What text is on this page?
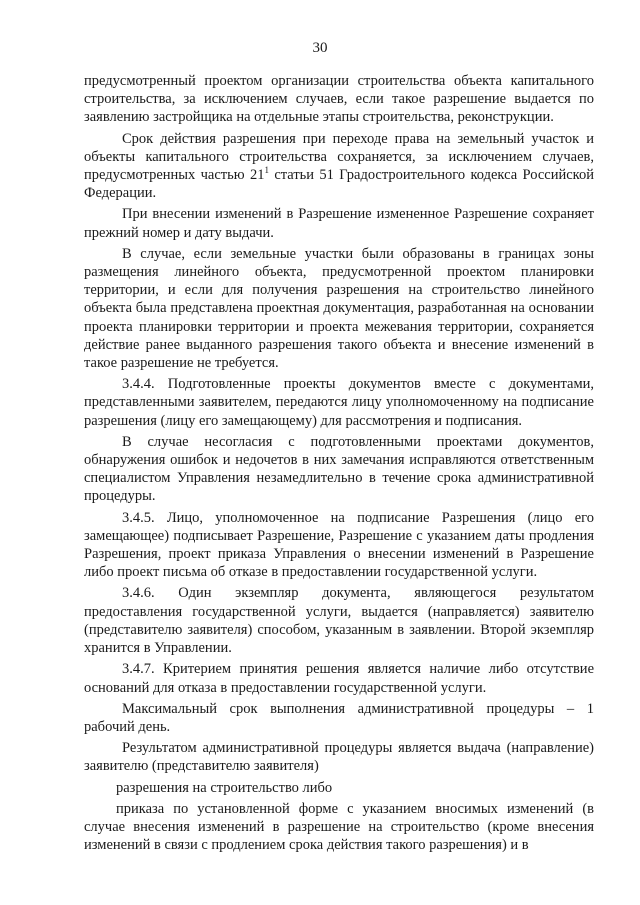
30

предусмотренный проектом организации строительства объекта капитального строительства, за исключением случаев, если такое разрешение выдается по заявлению застройщика на отдельные этапы строительства, реконструкции.

Срок действия разрешения при переходе права на земельный участок и объекты капитального строительства сохраняется, за исключением случаев, предусмотренных частью $21^1$ статьи 51 Градостроительного кодекса Российской Федерации.

При внесении изменений в Разрешение измененное Разрешение сохраняет прежний номер и дату выдачи.

В случае, если земельные участки были образованы в границах зоны размещения линейного объекта, предусмотренной проектом планировки территории, и если для получения разрешения на строительство линейного объекта была представлена проектная документация, разработанная на основании проекта планировки территории и проекта межевания территории, сохраняется действие ранее выданного разрешения такого объекта и внесение изменений в такое разрешение не требуется.

3.4.4. Подготовленные проекты документов вместе с документами, представленными заявителем, передаются лицу уполномоченному на подписание разрешения (лицу его замещающему) для рассмотрения и подписания.

В случае несогласия с подготовленными проектами документов, обнаружения ошибок и недочетов в них замечания исправляются ответственным специалистом Управления незамедлительно в течение срока административной процедуры.

3.4.5. Лицо, уполномоченное на подписание Разрешения (лицо его замещающее) подписывает Разрешение, Разрешение с указанием даты продления Разрешения, проект приказа Управления о внесении изменений в Разрешение либо проект письма об отказе в предоставлении государственной услуги.

3.4.6. Один экземпляр документа, являющегося результатом предоставления государственной услуги, выдается (направляется) заявителю (представителю заявителя) способом, указанным в заявлении. Второй экземпляр хранится в Управлении.

3.4.7. Критерием принятия решения является наличие либо отсутствие оснований для отказа в предоставлении государственной услуги.

Максимальный срок выполнения административной процедуры – 1 рабочий день.

Результатом административной процедуры является выдача (направление) заявителю (представителю заявителя)

разрешения на строительство либо

приказа по установленной форме с указанием вносимых изменений (в случае внесения изменений в разрешение на строительство (кроме внесения изменений в связи с продлением срока действия такого разрешения) и в
